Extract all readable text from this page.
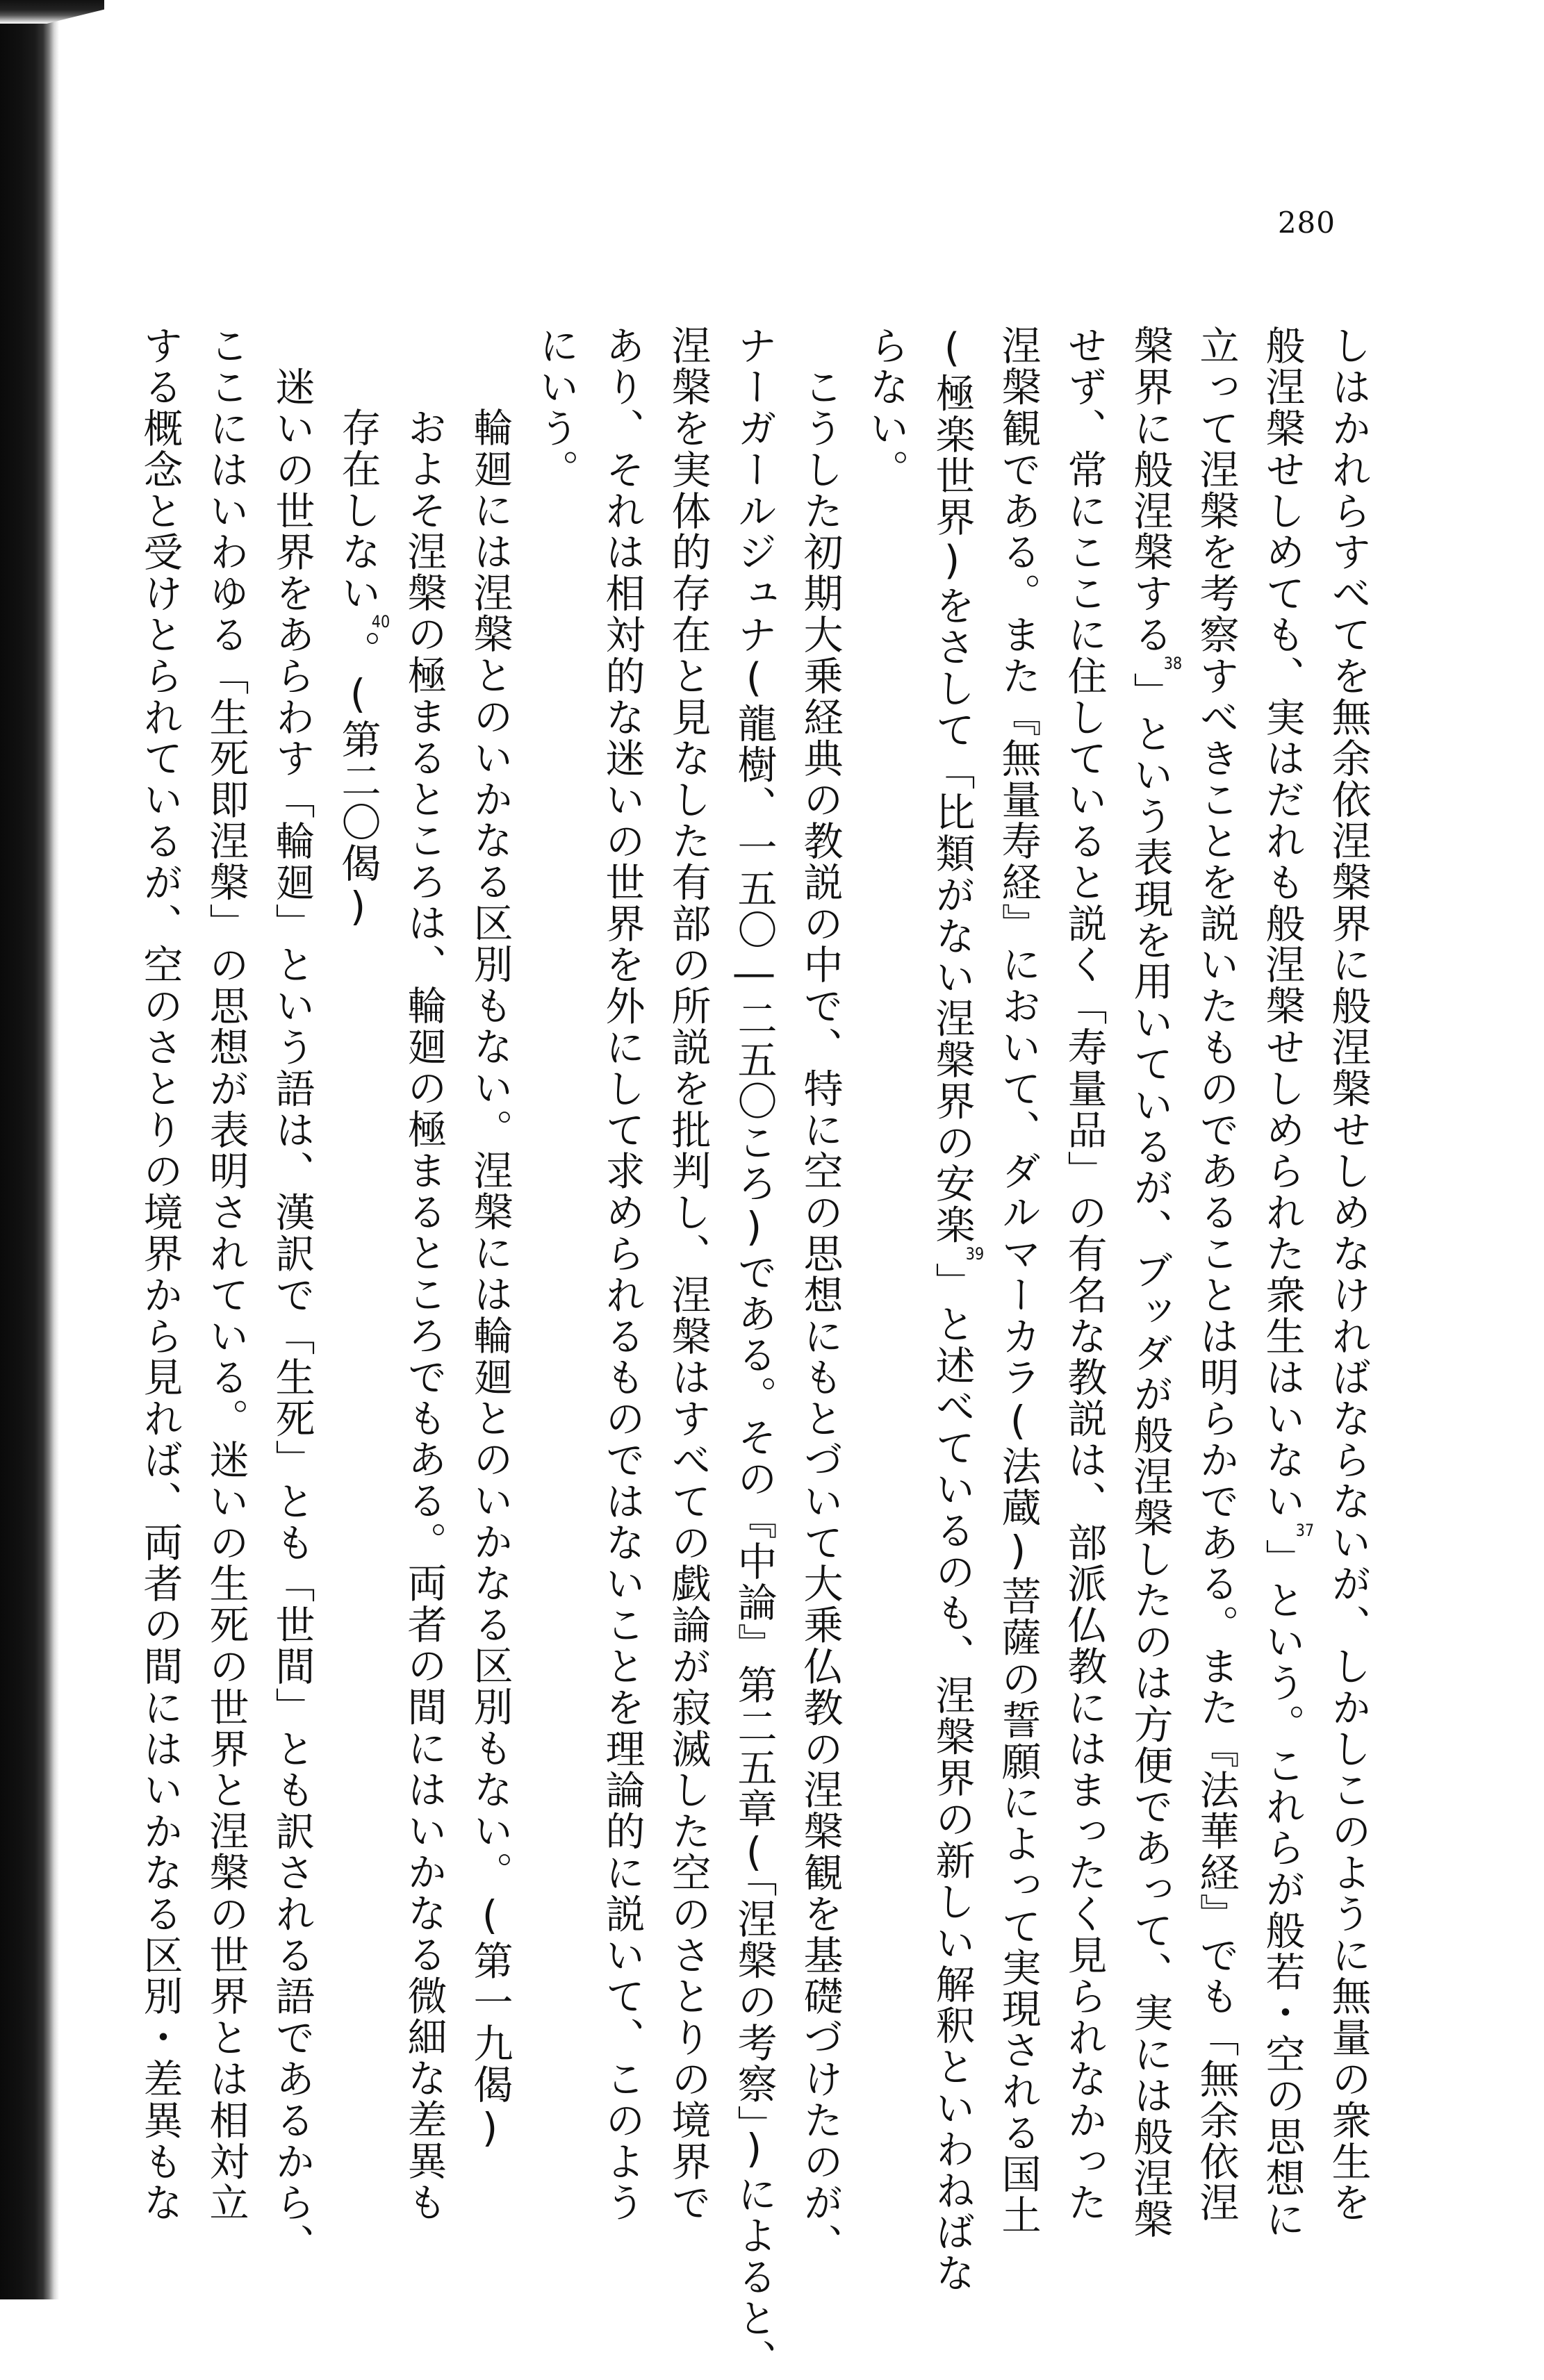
280
しはかれらすべてを無余依涅槃界に般涅槃せしめなければならないが、しかしこのように無量の衆生を
般涅槃せしめても、実はだれも般涅槃せしめられた衆生はいない37」という。これらが般若・空の思想に
立って涅槃を考察すべきことを説いたものであることは明らかである。また『法華経』でも「無余依涅
槃界に般涅槃する38」という表現を用いているが、ブッダが般涅槃したのは方便であって、実には般涅槃
せず、常にここに住していると説く「寿量品」の有名な教説は、部派仏教にはまったく見られなかった
涅槃観である。また『無量寿経』において、ダルマーカラ(法蔵)菩薩の誓願によって実現される国土
(極楽世界)をさして「比類がない涅槃界の安楽39」と述べているのも、涅槃界の新しい解釈といわねばな
らない。
　こうした初期大乗経典の教説の中で、特に空の思想にもとづいて大乗仏教の涅槃観を基礎づけたのが、
ナーガールジュナ(龍樹、一五〇―二五〇ころ)である。その『中論』第二五章(「涅槃の考察」)によると、
涅槃を実体的存在と見なした有部の所説を批判し、涅槃はすべての戯論が寂滅した空のさとりの境界で
あり、それは相対的な迷いの世界を外にして求められるものではないことを理論的に説いて、このよう
にいう。
輪廻には涅槃とのいかなる区別もない。涅槃には輪廻とのいかなる区別もない。(第一九偈)
およそ涅槃の極まるところは、輪廻の極まるところでもある。両者の間にはいかなる微細な差異も
存在しない40。(第二〇偈)
　迷いの世界をあらわす「輪廻」という語は、漢訳で「生死」とも「世間」とも訳される語であるから、
ここにはいわゆる「生死即涅槃」の思想が表明されている。迷いの生死の世界と涅槃の世界とは相対立
する概念と受けとられているが、空のさとりの境界から見れば、両者の間にはいかなる区別・差異もな
